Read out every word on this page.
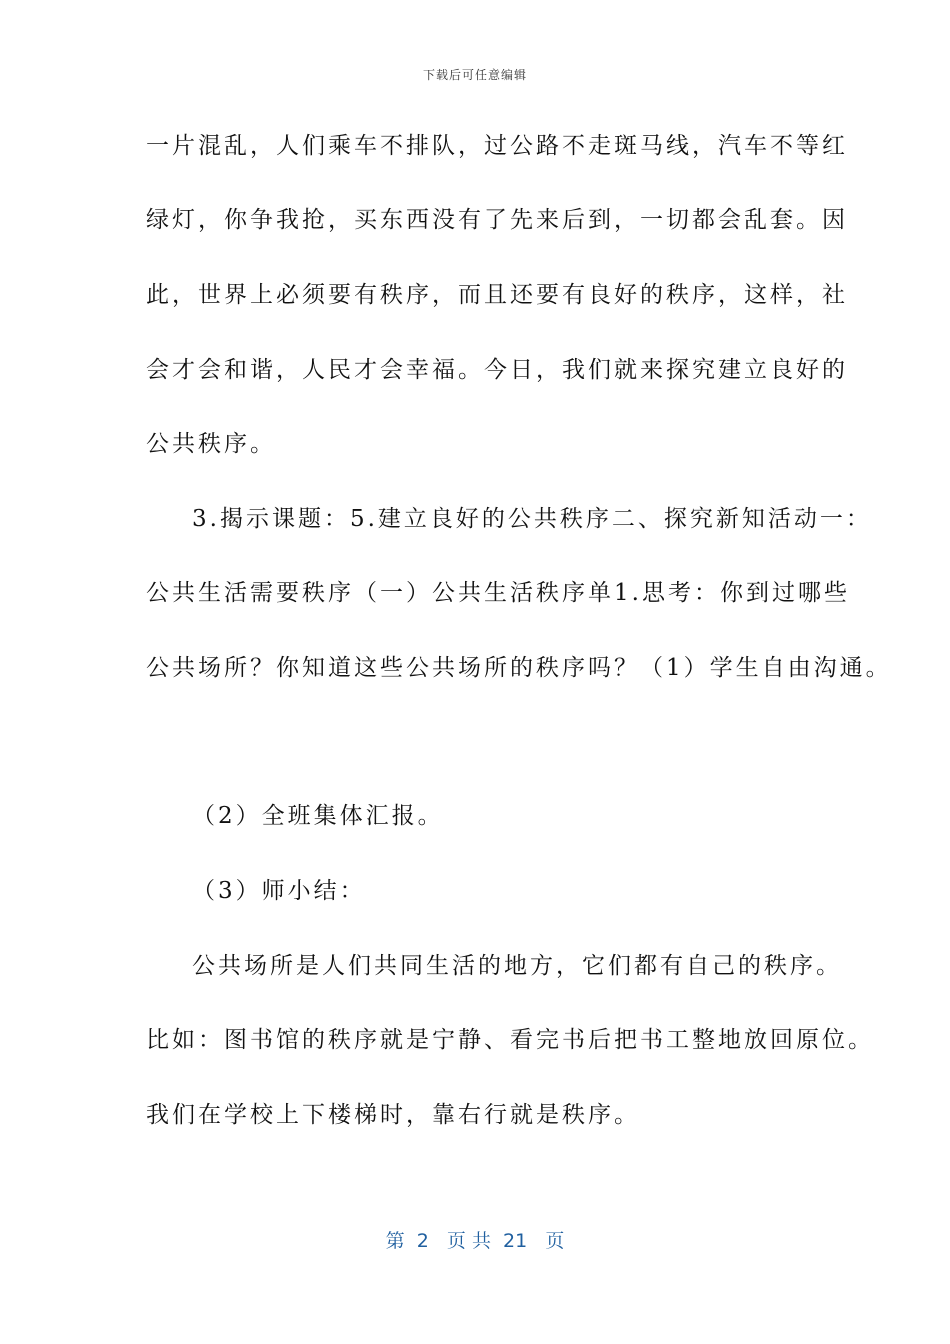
下载后可任意编辑
一片混乱，人们乘车不排队，过公路不走斑马线，汽车不等红
绿灯，你争我抢，买东西没有了先来后到，一切都会乱套。因
此，世界上必须要有秩序，而且还要有良好的秩序，这样，社
会才会和谐，人民才会幸福。今日，我们就来探究建立良好的
公共秩序。
3.揭示课题：5.建立良好的公共秩序二、探究新知活动一：
公共生活需要秩序（一）公共生活秩序单1.思考：你到过哪些
公共场所？你知道这些公共场所的秩序吗？（1）学生自由沟通。
（2）全班集体汇报。
（3）师小结：
公共场所是人们共同生活的地方，它们都有自己的秩序。
比如：图书馆的秩序就是宁静、看完书后把书工整地放回原位。
我们在学校上下楼梯时，靠右行就是秩序。
第  2   页 共  21   页
